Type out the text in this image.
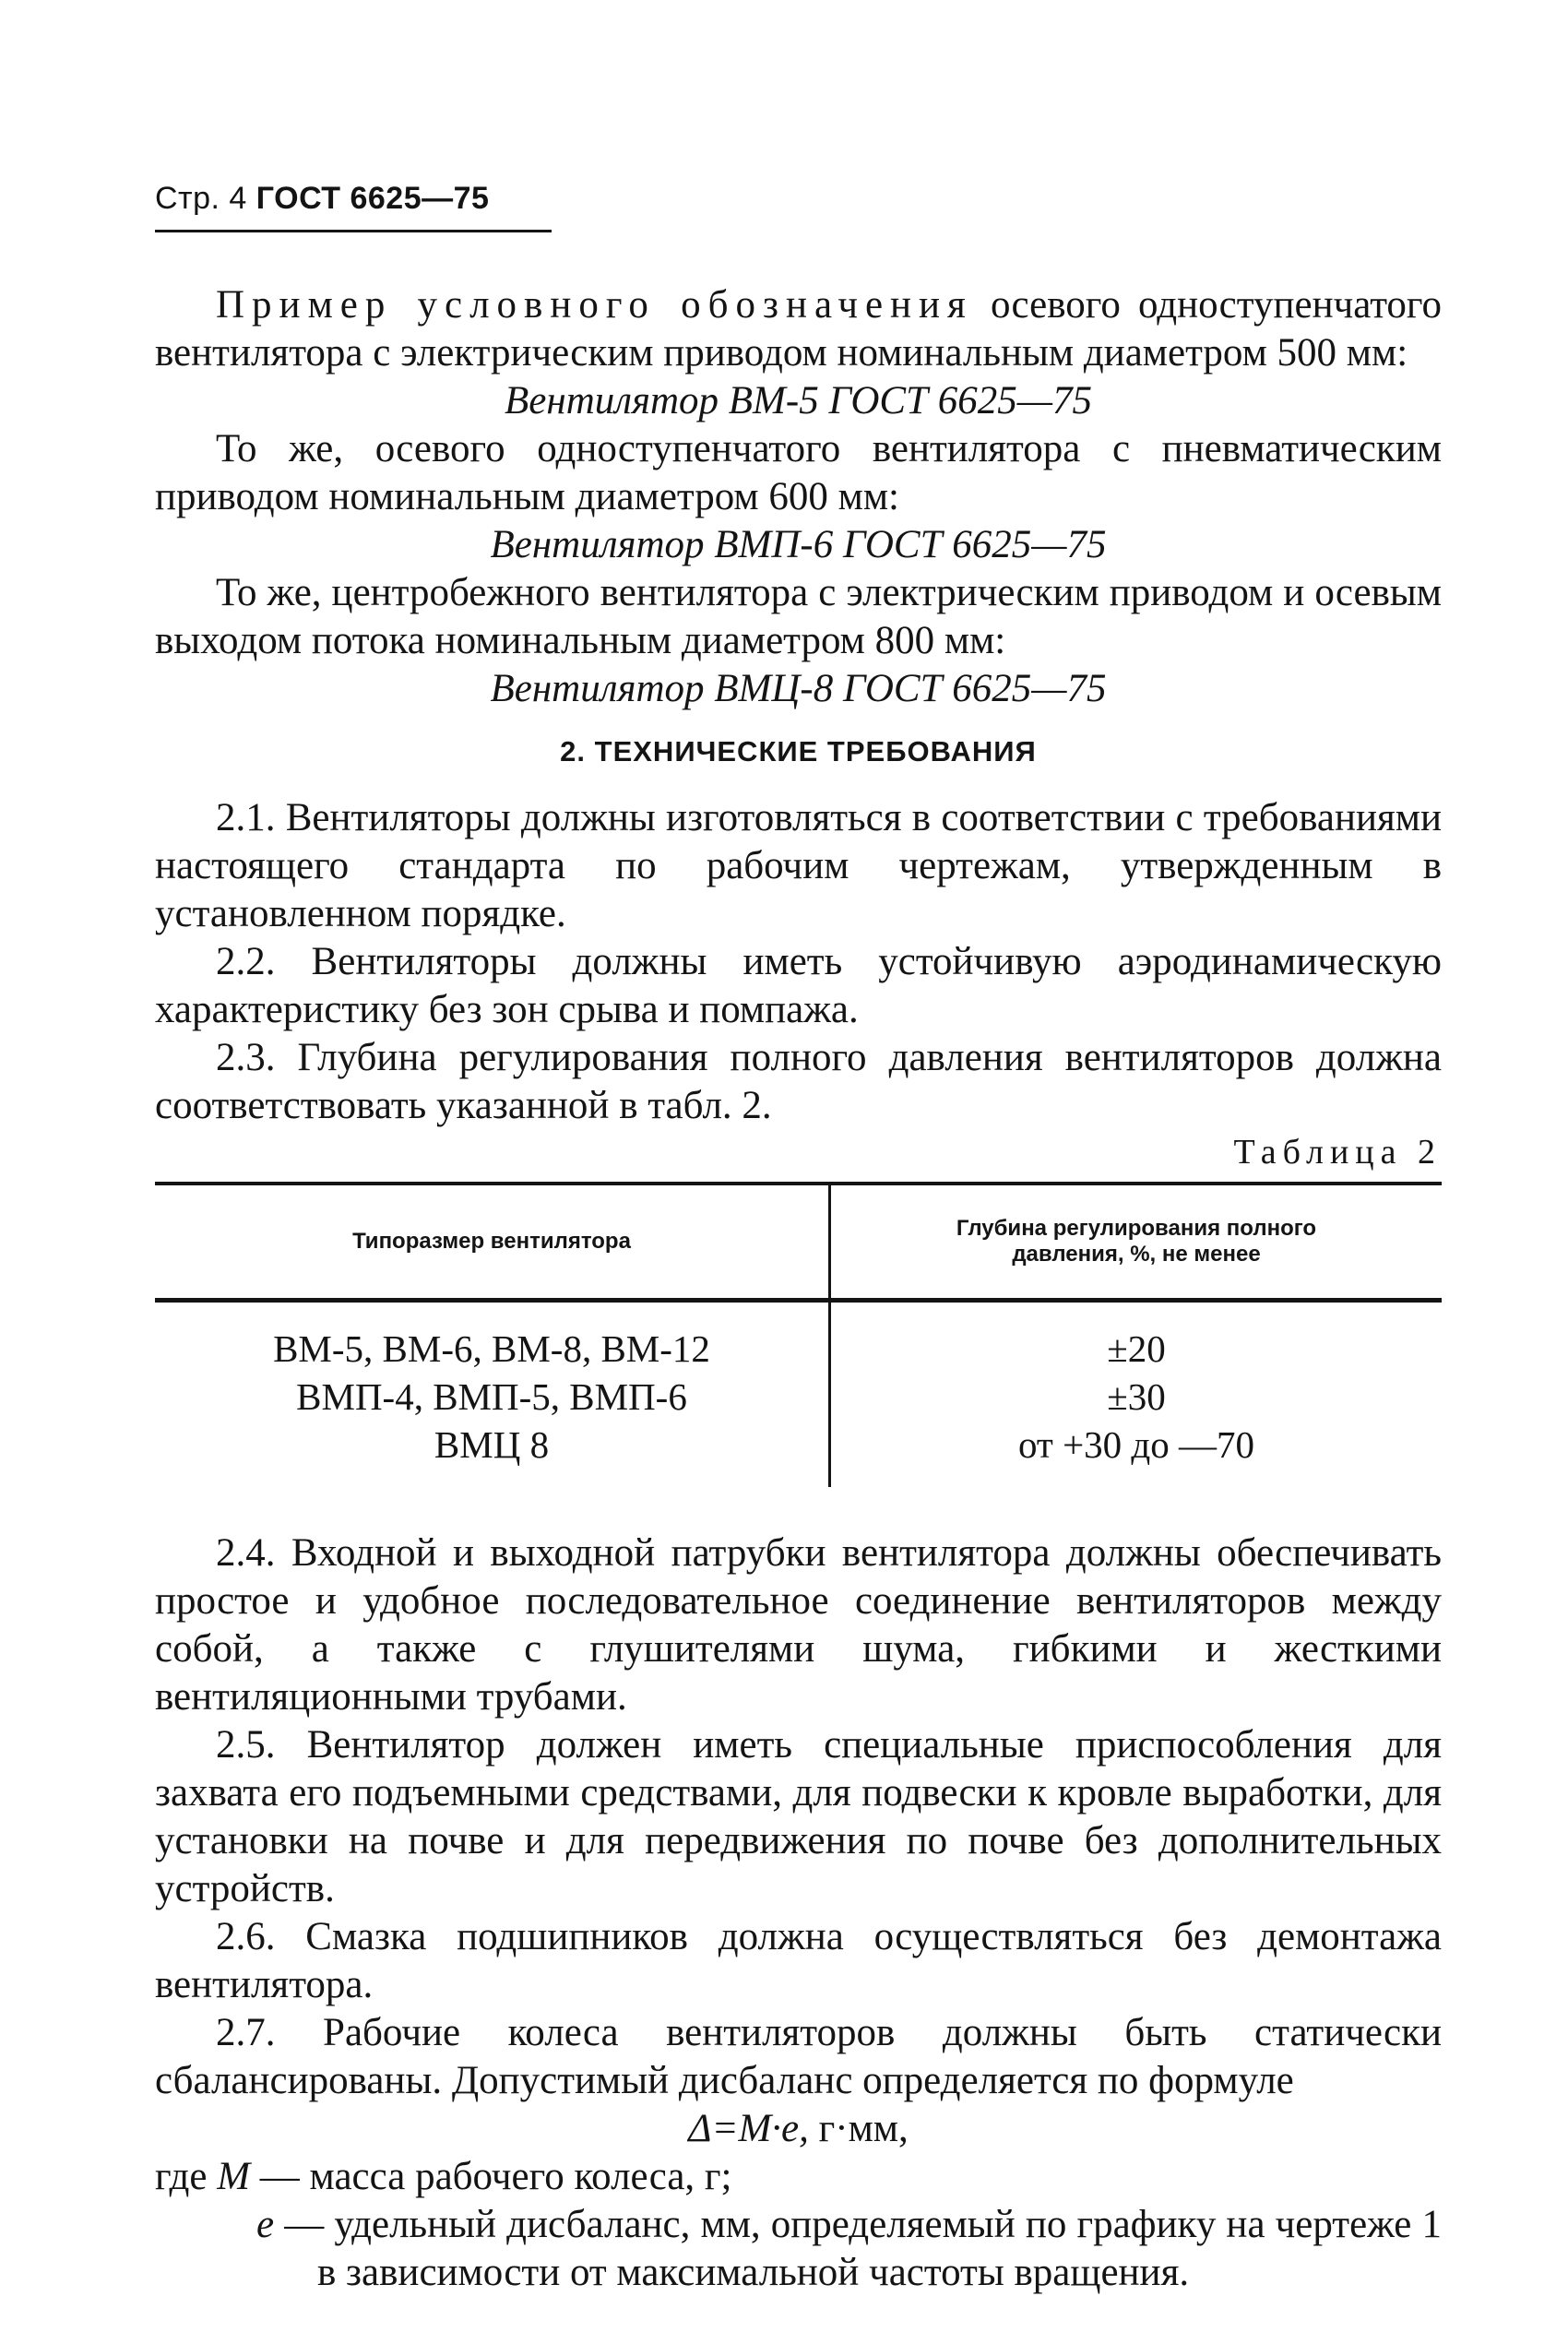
Стр. 4 ГОСТ 6625—75

Пример условного обозначения осевого одноступенчатого вентилятора с электрическим приводом номинальным диаметром 500 мм:

Вентилятор ВМ-5 ГОСТ 6625—75

То же, осевого одноступенчатого вентилятора с пневматическим приводом номинальным диаметром 600 мм:

Вентилятор ВМП-6 ГОСТ 6625—75

То же, центробежного вентилятора с электрическим приводом и осевым выходом потока номинальным диаметром 800 мм:

Вентилятор ВМЦ-8 ГОСТ 6625—75

2. ТЕХНИЧЕСКИЕ ТРЕБОВАНИЯ

2.1. Вентиляторы должны изготовляться в соответствии с требованиями настоящего стандарта по рабочим чертежам, утвержденным в установленном порядке.

2.2. Вентиляторы должны иметь устойчивую аэродинамическую характеристику без зон срыва и помпажа.

2.3. Глубина регулирования полного давления вентиляторов должна соответствовать указанной в табл. 2.

Таблица 2

Типоразмер вентилятора
Глубина регулирования полного давления, %, не менее
ВМ-5, ВМ-6, ВМ-8, ВМ-12
ВМП-4, ВМП-5, ВМП-6
ВМЦ 8
±20
±30
от +30 до —70

2.4. Входной и выходной патрубки вентилятора должны обеспечивать простое и удобное последовательное соединение вентиляторов между собой, а также с глушителями шума, гибкими и жесткими вентиляционными трубами.

2.5. Вентилятор должен иметь специальные приспособления для захвата его подъемными средствами, для подвески к кровле выработки, для установки на почве и для передвижения по почве без дополнительных устройств.

2.6. Смазка подшипников должна осуществляться без демонтажа вентилятора.

2.7. Рабочие колеса вентиляторов должны быть статически сбалансированы. Допустимый дисбаланс определяется по формуле

Δ=M·e, г·мм,

где M — масса рабочего колеса, г;

e — удельный дисбаланс, мм, определяемый по графику на чертеже 1 в зависимости от максимальной частоты вращения.
